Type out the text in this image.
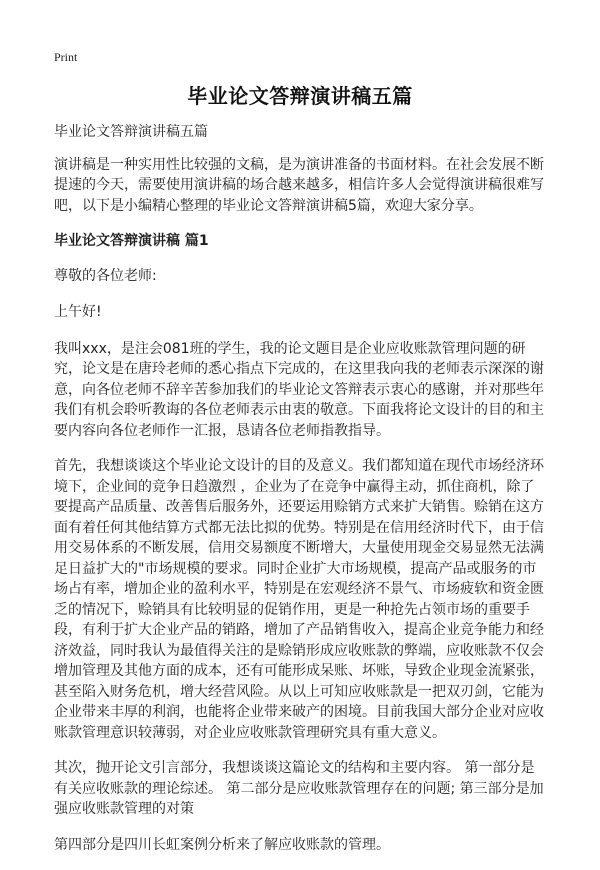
Print
毕业论文答辩演讲稿五篇

毕业论文答辩演讲稿五篇

演讲稿是一种实用性比较强的文稿，是为演讲准备的书面材料。在社会发展不断提速的今天，需要使用演讲稿的场合越来越多，相信许多人会觉得演讲稿很难写吧，以下是小编精心整理的毕业论文答辩演讲稿5篇，欢迎大家分享。

毕业论文答辩演讲稿 篇1

尊敬的各位老师:

上午好!

我叫xxx，是注会081班的学生，我的论文题目是企业应收账款管理问题的研究，论文是在唐玲老师的悉心指点下完成的，在这里我向我的老师表示深深的谢意，向各位老师不辞辛苦参加我们的毕业论文答辩表示衷心的感谢，并对那些年我们有机会聆听教诲的各位老师表示由衷的敬意。下面我将论文设计的目的和主要内容向各位老师作一汇报，恳请各位老师指教指导。

首先，我想谈谈这个毕业论文设计的目的及意义。我们都知道在现代市场经济环境下，企业间的竞争日趋激烈 ，企业为了在竞争中赢得主动，抓住商机，除了要提高产品质量、改善售后服务外，还要运用赊销方式来扩大销售。赊销在这方面有着任何其他结算方式都无法比拟的优势。特别是在信用经济时代下，由于信用交易体系的不断发展，信用交易额度不断增大，大量使用现金交易显然无法满足日益扩大的"市场规模的要求。同时企业扩大市场规模，提高产品或服务的市场占有率，增加企业的盈利水平，特别是在宏观经济不景气、市场疲软和资金匮乏的情况下，赊销具有比较明显的促销作用，更是一种抢先占领市场的重要手段，有利于扩大企业产品的销路，增加了产品销售收入，提高企业竞争能力和经济效益，同时我认为最值得关注的是赊销形成应收账款的弊端，应收账款不仅会增加管理及其他方面的成本，还有可能形成呆账、坏账，导致企业现金流紧张，甚至陷入财务危机，增大经营风险。从以上可知应收账款是一把双刃剑，它能为企业带来丰厚的利润，也能将企业带来破产的困境。目前我国大部分企业对应收账款管理意识较薄弱，对企业应收账款管理研究具有重大意义。

其次，抛开论文引言部分，我想谈谈这篇论文的结构和主要内容。 第一部分是有关应收账款的理论综述。 第二部分是应收账款管理存在的问题; 第三部分是加强应收账款管理的对策

第四部分是四川长虹案例分析来了解应收账款的管理。
